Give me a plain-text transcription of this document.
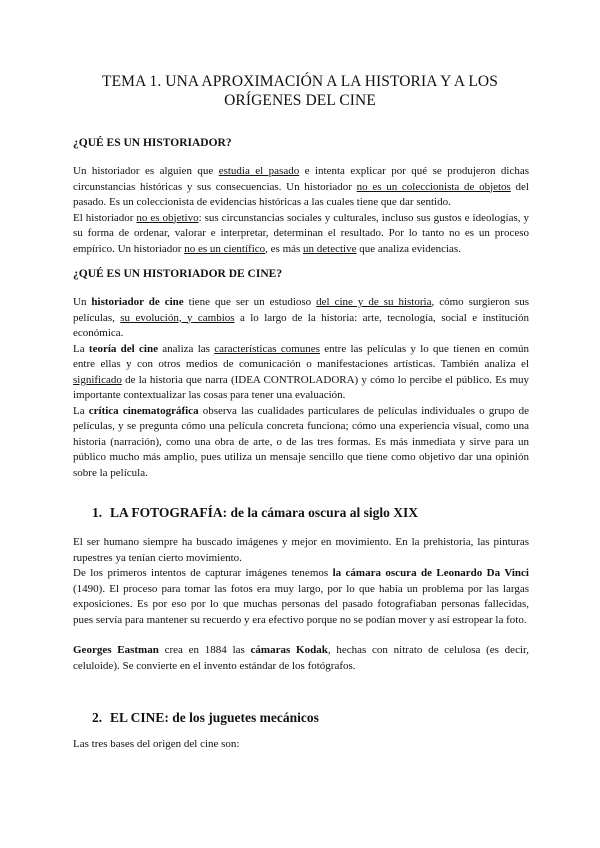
TEMA 1. UNA APROXIMACIÓN A LA HISTORIA Y A LOS
ORÍGENES DEL CINE
¿QUÉ ES UN HISTORIADOR?

Un historiador es alguien que estudia el pasado e intenta explicar por qué se produjeron dichas circunstancias históricas y sus consecuencias. Un historiador no es un coleccionista de objetos del pasado. Es un coleccionista de evidencias históricas a las cuales tiene que dar sentido.

El historiador no es objetivo: sus circunstancias sociales y culturales, incluso sus gustos e ideologías, y su forma de ordenar, valorar e interpretar, determinan el resultado. Por lo tanto no es un proceso empírico. Un historiador no es un científico, es más un detective que analiza evidencias.

¿QUÉ ES UN HISTORIADOR DE CINE?

Un historiador de cine tiene que ser un estudioso del cine y de su historia, cómo surgieron sus películas, su evolución, y cambios a lo largo de la historia: arte, tecnología, social e institución económica.

La teoría del cine analiza las características comunes entre las películas y lo que tienen en común entre ellas y con otros medios de comunicación o manifestaciones artísticas. También analiza el significado de la historia que narra (IDEA CONTROLADORA) y cómo lo percibe el público. Es muy importante contextualizar las cosas para tener una evaluación.

La crítica cinematográfica observa las cualidades particulares de películas individuales o grupo de películas, y se pregunta cómo una película concreta funciona; cómo una experiencia visual, como una historia (narración), como una obra de arte, o de las tres formas. Es más inmediata y sirve para un público mucho más amplio, pues utiliza un mensaje sencillo que tiene como objetivo dar una opinión sobre la película.

1. LA FOTOGRAFÍA: de la cámara oscura al siglo XIX

El ser humano siempre ha buscado imágenes y mejor en movimiento. En la prehistoria, las pinturas rupestres ya tenían cierto movimiento.

De los primeros intentos de capturar imágenes tenemos la cámara oscura de Leonardo Da Vinci (1490). El proceso para tomar las fotos era muy largo, por lo que había un problema por las largas exposiciones. Es por eso por lo que muchas personas del pasado fotografiaban personas fallecidas, pues servía para mantener su recuerdo y era efectivo porque no se podían mover y así estropear la foto.

Georges Eastman crea en 1884 las cámaras Kodak, hechas con nitrato de celulosa (es decir, celuloide). Se convierte en el invento estándar de los fotógrafos.

2. EL CINE: de los juguetes mecánicos

Las tres bases del origen del cine son:
